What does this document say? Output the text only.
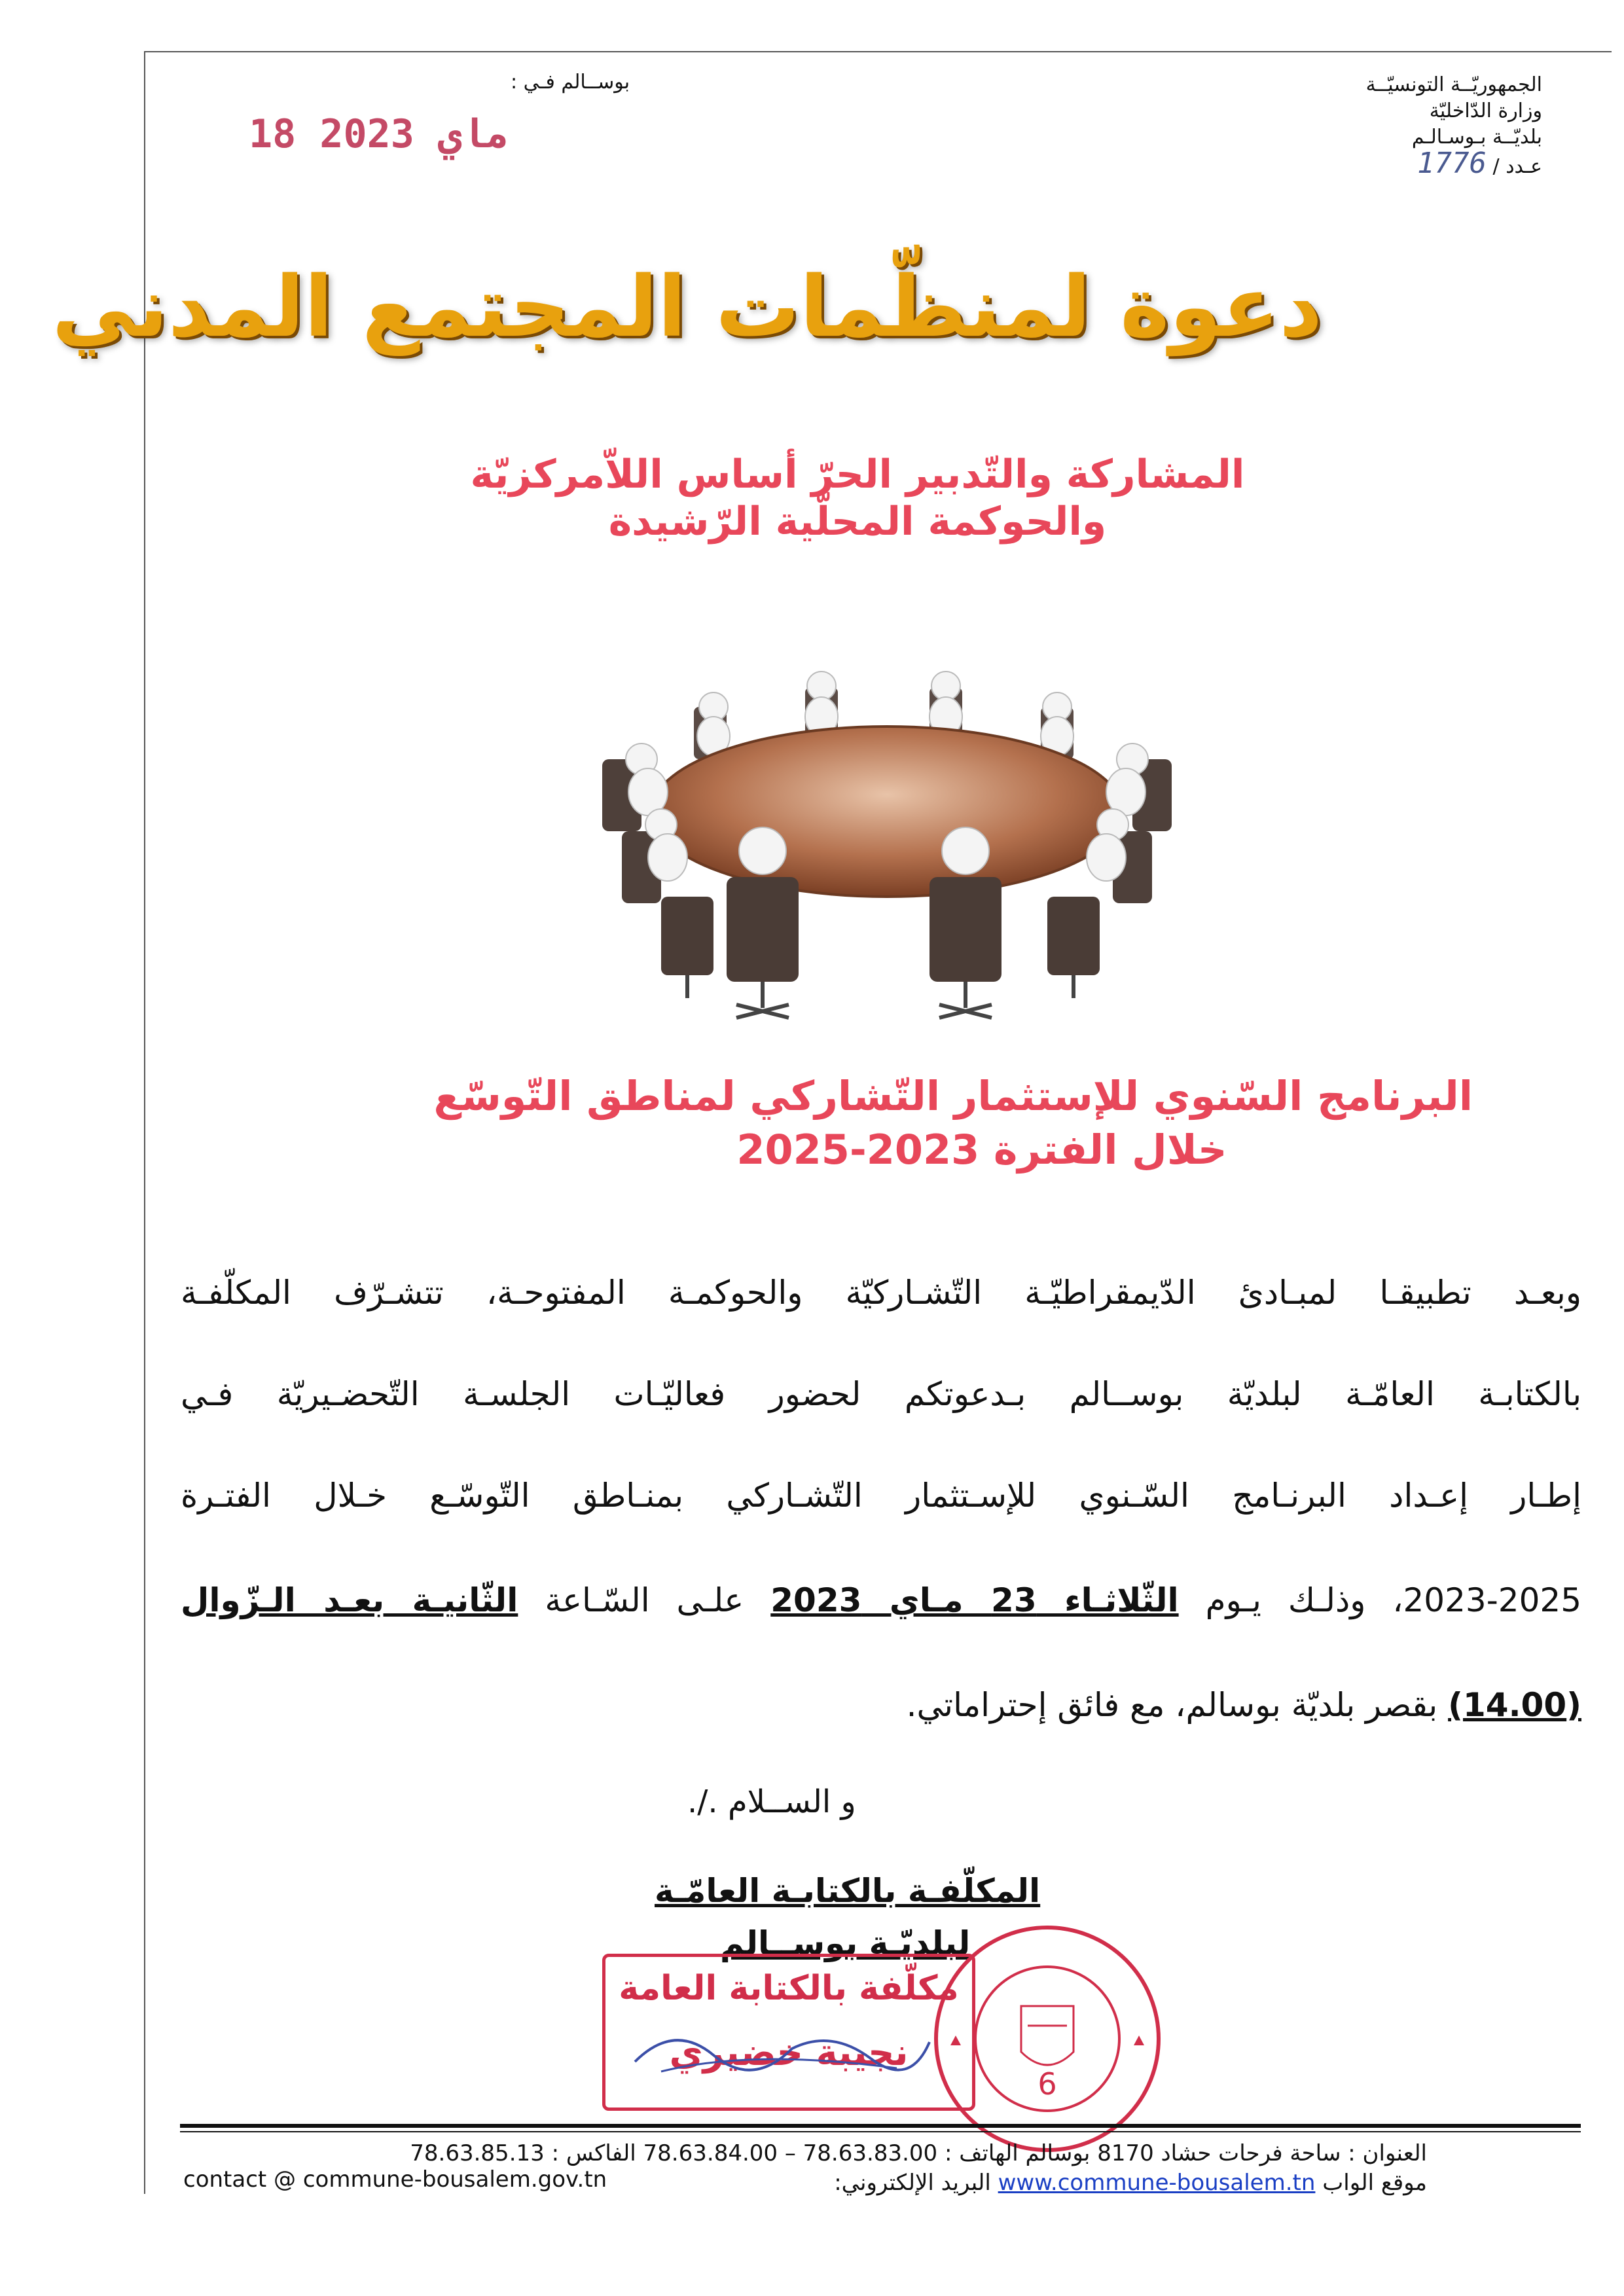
الجمهوريّــة التونسيّــة
وزارة الدّاخليّة
بلديّــة بـوسـالـم
عـدد / 1776
بوســالم فـي :
18 ماي 2023
دعوة لمنظّمات المجتمع المدني
المشاركة والتّدبير الحرّ أساس اللاّمركزيّة
والحوكمة المحلّية الرّشيدة
البرنامج السّنوي للإستثمار التّشاركي لمناطق التّوسّع
خلال الفترة 2023-2025
وبعـد تطبيقـا لمبـادئ الدّيمقراطيّـة التّشـاركيّة والحوكمـة المفتوحـة، تتشـرّف المكلّفـة
بالكتابـة العامّـة لبلديّة بوســالم بـدعوتكم لحضور فعاليّـات الجلسـة التّحضـيريّة فـي
إطـار إعـداد البرنـامج السّـنوي للإسـتثمار التّشـاركي بمنـاطق التّوسّـع خـلال الفتـرة
2023-2025، وذلـك يـوم الثّلاثـاء 23 مـاي 2023 علـى السّـاعة الثّانيـة بعـد الـزّوال
(14.00) بقصر بلديّة بوسالم، مع فائق إحتراماتي.
و الســلام ./.
المكلّفـة بالكتابـة العامّـة
لبلديّـة بوســالم
مكلّفة بالكتابة العامة
نجيبة خضيري
6
العنوان : ساحة فرحات حشاد 8170 بوسالم الهاتف : 78.63.83.00 – 78.63.84.00 الفاكس : 78.63.85.13
موقع الواب www.commune-bousalem.tn البريد الإلكتروني:
contact @ commune-bousalem.gov.tn
